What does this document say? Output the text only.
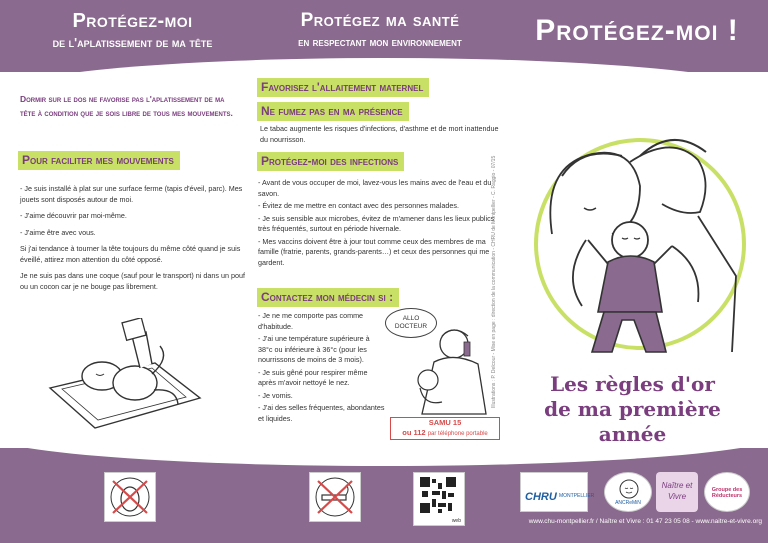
Protégez-moi
de l'aplatissement de ma tête
Protégez ma santé
en respectant mon environnement	Protégez-moi !
Dormir sur le dos ne favorise pas l'aplatissement de ma tête à condition que je sois libre de tous mes mouvements.
Pour faciliter mes mouvements

- Je suis installé à plat sur une surface ferme (tapis d'éveil, parc). Mes jouets sont disposés autour de moi.

- J'aime découvrir par moi-même.

- J'aime être avec vous.

Si j'ai tendance à tourner la tête toujours du même côté quand je suis éveillé, attirez mon attention du côté opposé.

Je ne suis pas dans une coque (sauf pour le transport) ni dans un pouf ou un cocon car je ne bouge pas librement.

Favorisez l'allaitement maternel
Ne fumez pas en ma présence
Le tabac augmente les risques d'infections, d'asthme et de mort inattendue du nourrisson.
Protégez-moi des infections

- Avant de vous occuper de moi, lavez-vous les mains avec de l'eau et du savon.

- Évitez de me mettre en contact avec des personnes malades.

- Je suis sensible aux microbes, évitez de m'amener dans les lieux publics très fréquentés, surtout en période hivernale.

- Mes vaccins doivent être à jour tout comme ceux des membres de ma famille (fratrie, parents, grands-parents…) et ceux des personnes qui me gardent.

Contactez mon médecin si :

- Je ne me comporte pas comme d'habitude.

- J'ai une température supérieure à 38°c ou inférieure à 36°c (pour les nourrissons de moins de 3 mois).

- Je suis gêné pour respirer même après m'avoir nettoyé le nez.

- Je vomis.

- J'ai des selles fréquentes, abondantes et liquides.

ALLO DOCTEUR
SAMU 15
ou 112 par téléphone portable
Illustrations : P. Delcour - Mise en page : direction de la communication - CHRU de Montpellier - C. Raggio - 07/15	Les règles d'or
de ma première année
web
CHRU MONTPELLIER
ANCReMiN
Naître et Vivre
Groupe des Réducteurs
www.chu-montpellier.fr / Naître et Vivre : 01 47 23 05 08 - www.naitre-et-vivre.org
